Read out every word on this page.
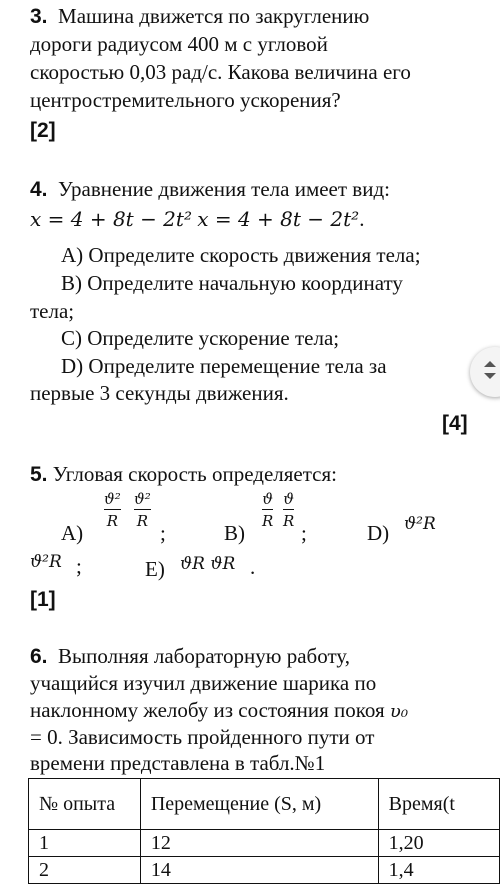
3. Машина движется по закруглению
дороги радиусом 400 м с угловой
скоростью 0,03 рад/с. Какова величина его
центростремительного ускорения?
[2]
4. Уравнение движения тела имеет вид:
x = 4 + 8t − 2t² x = 4 + 8t − 2t².
A) Определите скорость движения тела;
B) Определите начальную координату
тела;
C) Определите ускорение тела;
D) Определите перемещение тела за
первые 3 секунды движения.
[4]
5. Угловая скорость определяется:
A)
ϑ²
R
ϑ²
R ;	B)
ϑ
R
ϑ
R ;	D) ϑ²R
ϑ²R ;	E) ϑR ϑR .
[1]
6. Выполняя лабораторную работу,
учащийся изучил движение шарика по
наклонному желобу из состояния покоя υ₀
= 0. Зависимость пройденного пути от
времени представлена в табл.№1
№ опыта	Перемещение (S, м)	Время(t
1	12	1,20
2	14	1,4
